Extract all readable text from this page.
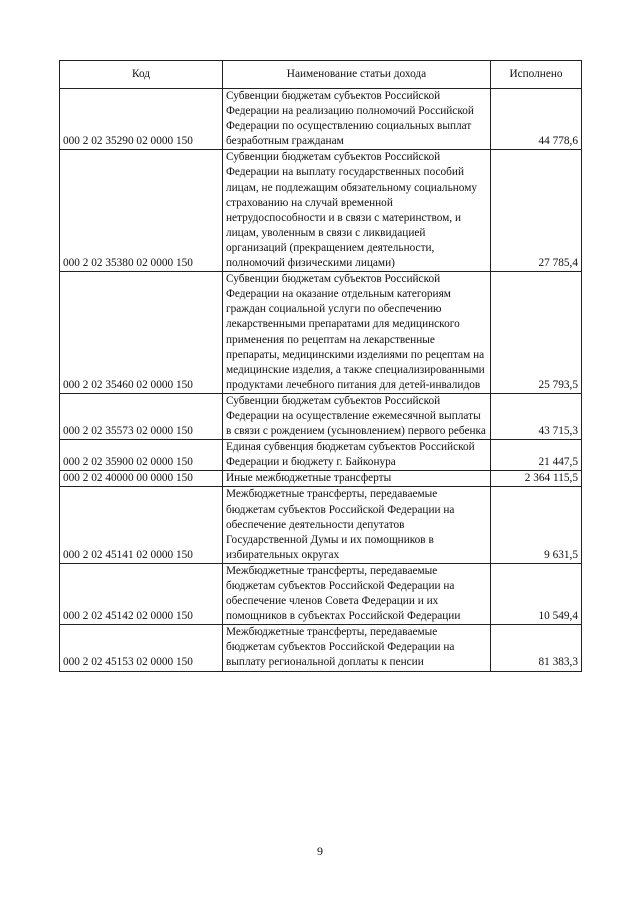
Код	Наименование статьи дохода	Исполнено
000 2 02 35290 02 0000 150	Субвенции бюджетам субъектов Российской Федерации на реализацию полномочий Российской Федерации по осуществлению социальных выплат безработным гражданам	44 778,6
000 2 02 35380 02 0000 150	Субвенции бюджетам субъектов Российской Федерации на выплату государственных пособий лицам, не подлежащим обязательному социальному страхованию на случай временной нетрудоспособности и в связи с материнством, и лицам, уволенным в связи с ликвидацией организаций (прекращением деятельности, полномочий физическими лицами)	27 785,4
000 2 02 35460 02 0000 150	Субвенции бюджетам субъектов Российской Федерации на оказание отдельным категориям граждан социальной услуги по обеспечению лекарственными препаратами для медицинского применения по рецептам на лекарственные препараты, медицинскими изделиями по рецептам на медицинские изделия, а также специализированными продуктами лечебного питания для детей-инвалидов	25 793,5
000 2 02 35573 02 0000 150	Субвенции бюджетам субъектов Российской Федерации на осуществление ежемесячной выплаты в связи с рождением (усыновлением) первого ребенка	43 715,3
000 2 02 35900 02 0000 150	Единая субвенция бюджетам субъектов Российской Федерации и бюджету г. Байконура	21 447,5
000 2 02 40000 00 0000 150	Иные межбюджетные трансферты	2 364 115,5
000 2 02 45141 02 0000 150	Межбюджетные трансферты, передаваемые бюджетам субъектов Российской Федерации на обеспечение деятельности депутатов Государственной Думы и их помощников в избирательных округах	9 631,5
000 2 02 45142 02 0000 150	Межбюджетные трансферты, передаваемые бюджетам субъектов Российской Федерации на обеспечение членов Совета Федерации и их помощников в субъектах Российской Федерации	10 549,4
000 2 02 45153 02 0000 150	Межбюджетные трансферты, передаваемые бюджетам субъектов Российской Федерации на выплату региональной доплаты к пенсии	81 383,3
9
